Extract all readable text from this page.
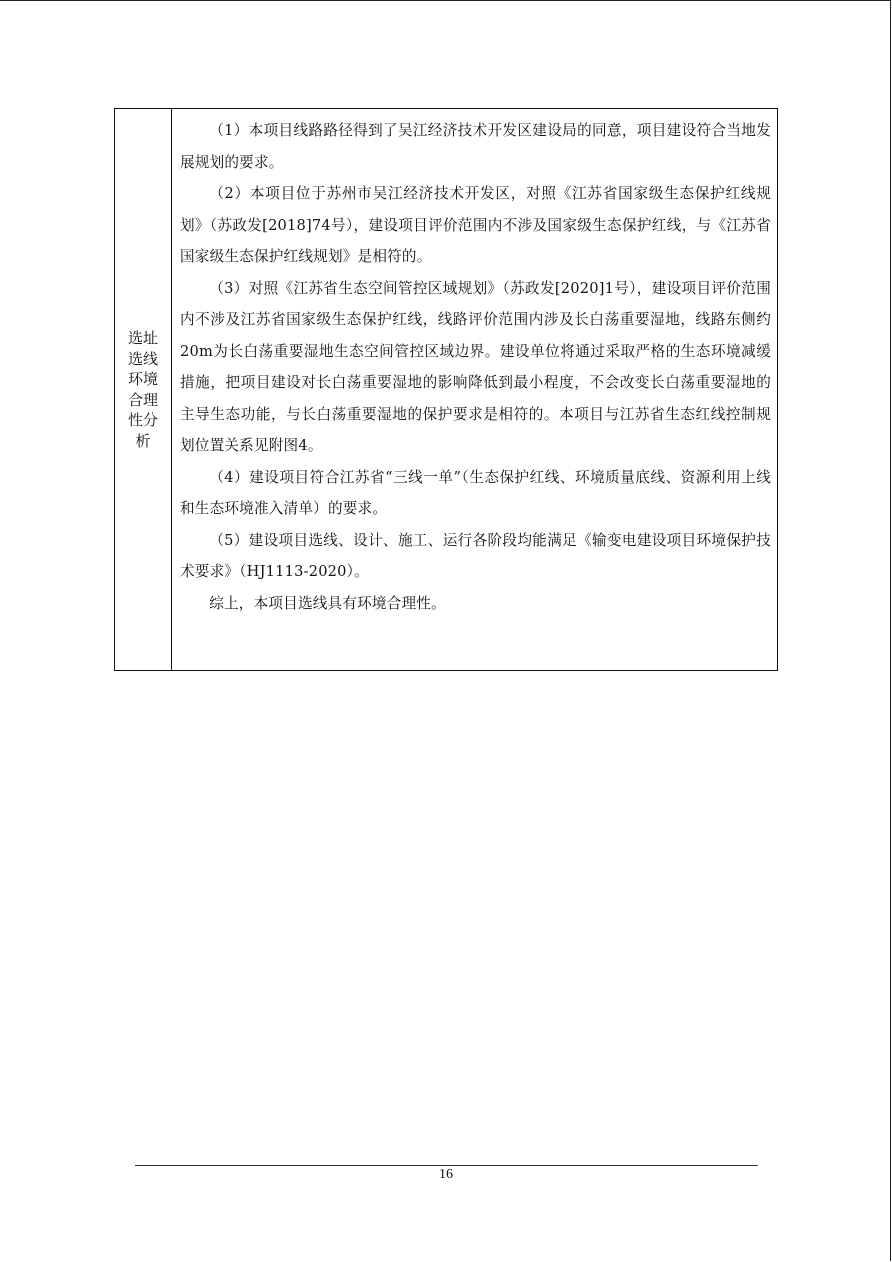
选址选线环境合理性分析

（1）本项目线路路径得到了吴江经济技术开发区建设局的同意，项目建设符合当地发展规划的要求。

（2）本项目位于苏州市吴江经济技术开发区，对照《江苏省国家级生态保护红线规划》（苏政发[2018]74号），建设项目评价范围内不涉及国家级生态保护红线，与《江苏省国家级生态保护红线规划》是相符的。

（3）对照《江苏省生态空间管控区域规划》（苏政发[2020]1号），建设项目评价范围内不涉及江苏省国家级生态保护红线，线路评价范围内涉及长白荡重要湿地，线路东侧约20m为长白荡重要湿地生态空间管控区域边界。建设单位将通过采取严格的生态环境减缓措施，把项目建设对长白荡重要湿地的影响降低到最小程度，不会改变长白荡重要湿地的主导生态功能，与长白荡重要湿地的保护要求是相符的。本项目与江苏省生态红线控制规划位置关系见附图4。

（4）建设项目符合江苏省“三线一单”（生态保护红线、环境质量底线、资源利用上线和生态环境准入清单）的要求。

（5）建设项目选线、设计、施工、运行各阶段均能满足《输变电建设项目环境保护技术要求》（HJ1113-2020）。

综上，本项目选线具有环境合理性。

16
